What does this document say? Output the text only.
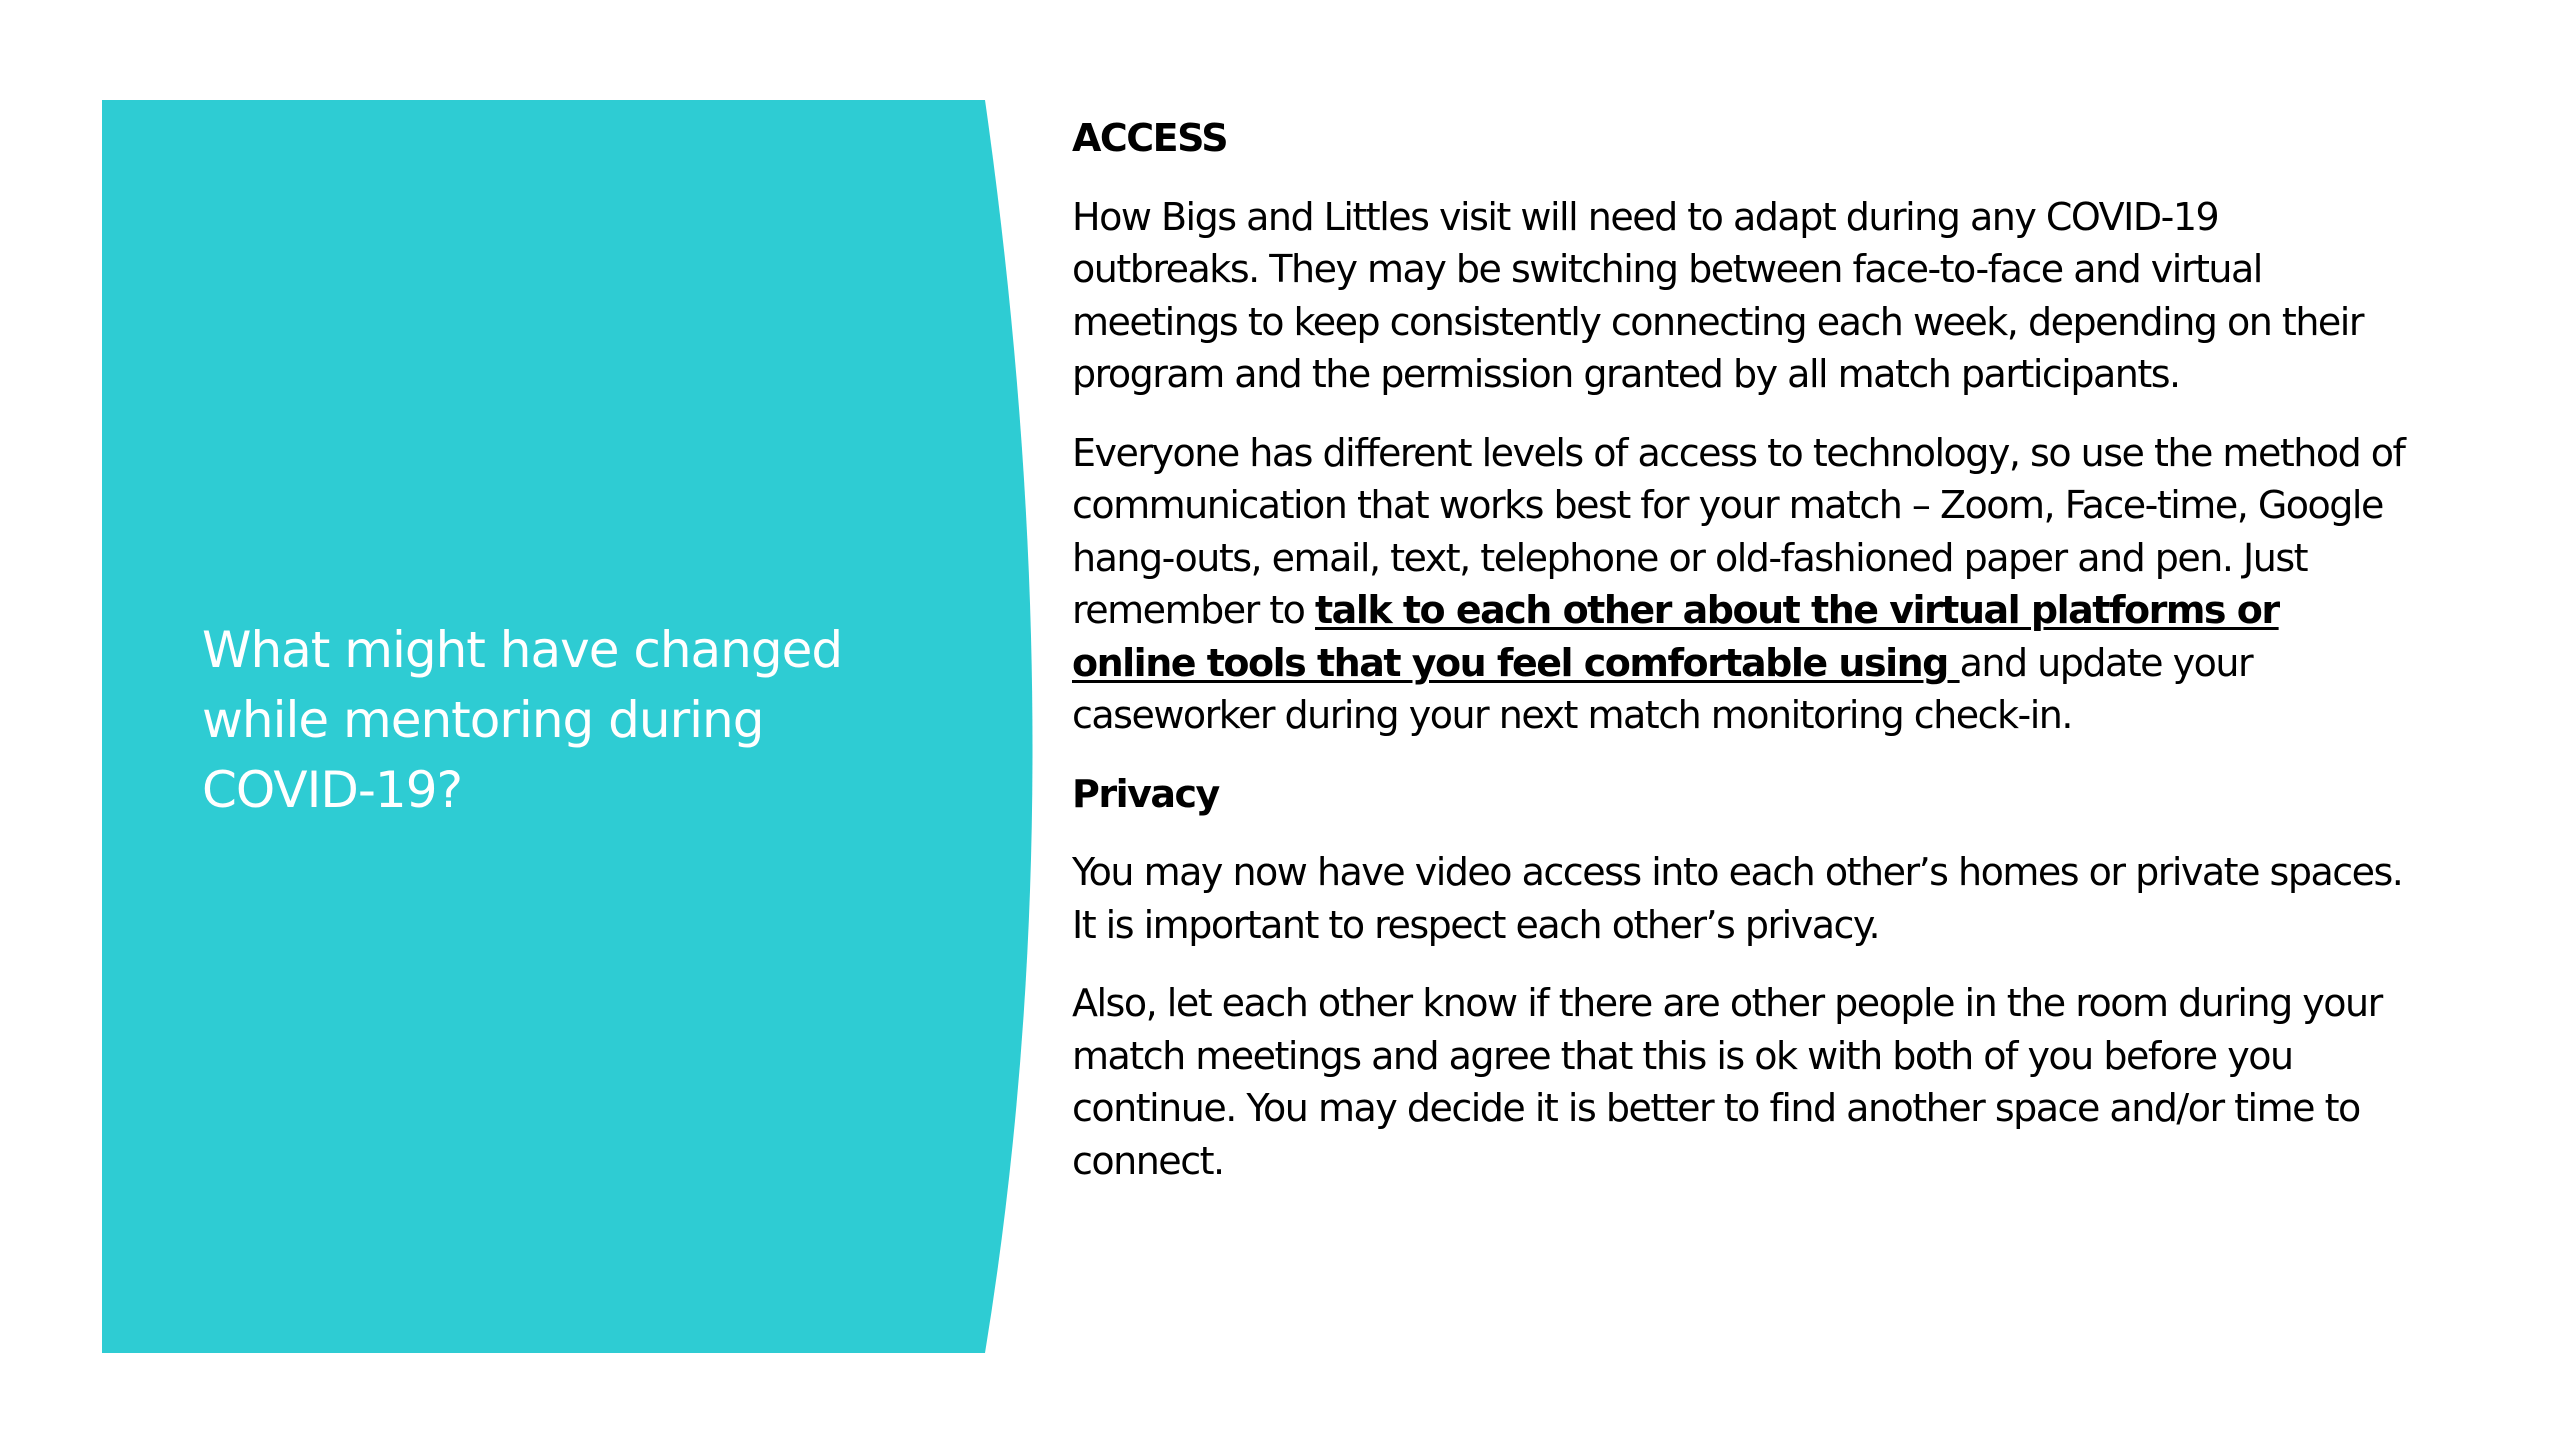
What might have changed while mentoring during COVID-19?

ACCESS

How Bigs and Littles visit will need to adapt during any COVID-19 outbreaks. They may be switching between face-to-face and virtual meetings to keep consistently connecting each week, depending on their program and the permission granted by all match participants.

Everyone has different levels of access to technology, so use the method of communication that works best for your match – Zoom, Face-time, Google hang-outs, email, text, telephone or old-fashioned paper and pen. Just remember to talk to each other about the virtual platforms or online tools that you feel comfortable using and update your caseworker during your next match monitoring check-in.

Privacy

You may now have video access into each other’s homes or private spaces. It is important to respect each other’s privacy.

Also, let each other know if there are other people in the room during your match meetings and agree that this is ok with both of you before you continue. You may decide it is better to find another space and/or time to connect.
